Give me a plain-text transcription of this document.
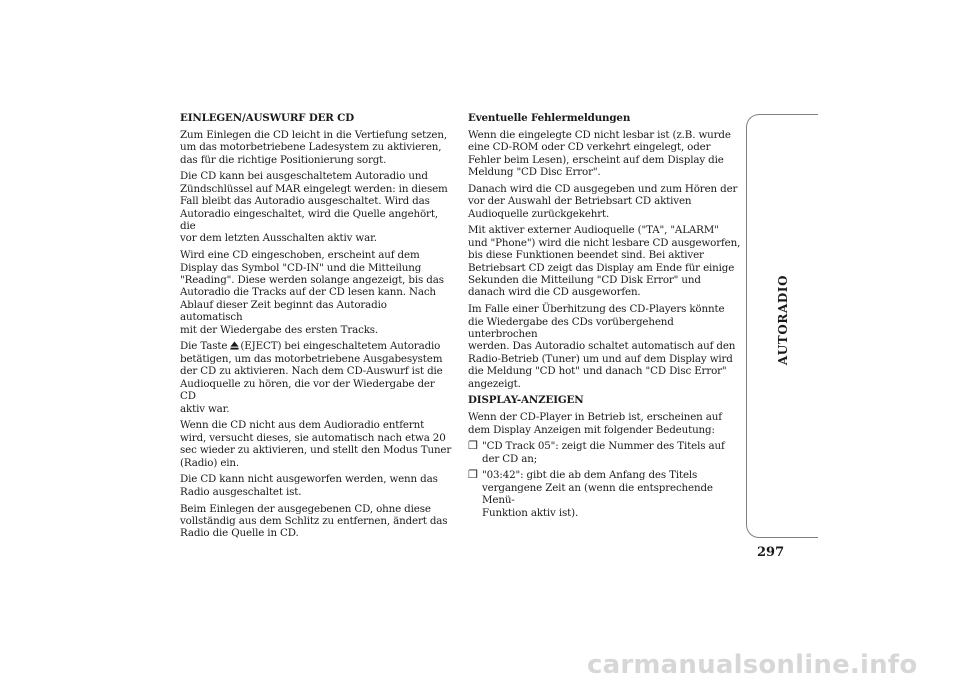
EINLEGEN/AUSWURF DER CD

Zum Einlegen die CD leicht in die Vertiefung setzen,
um das motorbetriebene Ladesystem zu aktivieren,
das für die richtige Positionierung sorgt.

Die CD kann bei ausgeschaltetem Autoradio und
Zündschlüssel auf MAR eingelegt werden: in diesem
Fall bleibt das Autoradio ausgeschaltet. Wird das
Autoradio eingeschaltet, wird die Quelle angehört, die
vor dem letzten Ausschalten aktiv war.

Wird eine CD eingeschoben, erscheint auf dem
Display das Symbol "CD-IN" und die Mitteilung
"Reading". Diese werden solange angezeigt, bis das
Autoradio die Tracks auf der CD lesen kann. Nach
Ablauf dieser Zeit beginnt das Autoradio automatisch
mit der Wiedergabe des ersten Tracks.

Die Taste (EJECT) bei eingeschaltetem Autoradio
betätigen, um das motorbetriebene Ausgabesystem
der CD zu aktivieren. Nach dem CD-Auswurf ist die
Audioquelle zu hören, die vor der Wiedergabe der CD
aktiv war.

Wenn die CD nicht aus dem Audioradio entfernt
wird, versucht dieses, sie automatisch nach etwa 20
sec wieder zu aktivieren, und stellt den Modus Tuner
(Radio) ein.

Die CD kann nicht ausgeworfen werden, wenn das
Radio ausgeschaltet ist.

Beim Einlegen der ausgegebenen CD, ohne diese
vollständig aus dem Schlitz zu entfernen, ändert das
Radio die Quelle in CD.

Eventuelle Fehlermeldungen

Wenn die eingelegte CD nicht lesbar ist (z.B. wurde
eine CD-ROM oder CD verkehrt eingelegt, oder
Fehler beim Lesen), erscheint auf dem Display die
Meldung "CD Disc Error".

Danach wird die CD ausgegeben und zum Hören der
vor der Auswahl der Betriebsart CD aktiven
Audioquelle zurückgekehrt.

Mit aktiver externer Audioquelle ("TA", "ALARM"
und "Phone") wird die nicht lesbare CD ausgeworfen,
bis diese Funktionen beendet sind. Bei aktiver
Betriebsart CD zeigt das Display am Ende für einige
Sekunden die Mitteilung "CD Disk Error" und
danach wird die CD ausgeworfen.

Im Falle einer Überhitzung des CD-Players könnte
die Wiedergabe des CDs vorübergehend unterbrochen
werden. Das Autoradio schaltet automatisch auf den
Radio-Betrieb (Tuner) um und auf dem Display wird
die Meldung "CD hot" und danach "CD Disc Error"
angezeigt.

DISPLAY-ANZEIGEN

Wenn der CD-Player in Betrieb ist, erscheinen auf
dem Display Anzeigen mit folgender Bedeutung:

❐ "CD Track 05": zeigt die Nummer des Titels auf
der CD an;
❐ "03:42": gibt die ab dem Anfang des Titels
vergangene Zeit an (wenn die entsprechende Menü-
Funktion aktiv ist).
AUTORADIO
297
carmanualsonline.info
